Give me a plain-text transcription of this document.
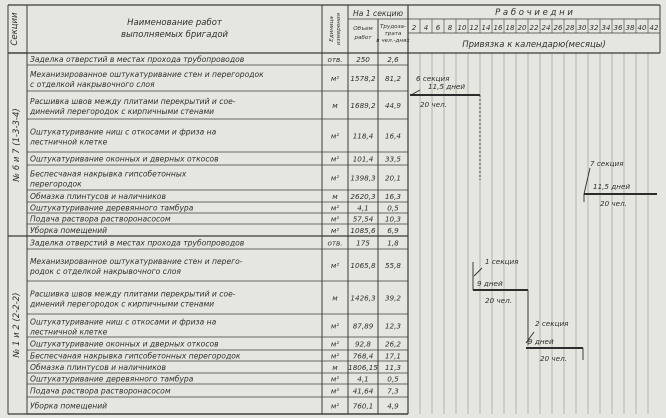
2 4 6 8 10 12 14 16 18 20 22 24 26 28 30 32 34 36 38 40 42
Секции	Наименование работ
выполняемых бригадой	Единица измерения На 1 секцию
Объем
работ
Трудоза-
трата
в чел.-днях
Р а б о ч и е д н и
Привязка к календарю(месяцы)
Заделка отверстий в местах прохода трубопроводов	отв. 250 2,6
Механизированное оштукатуривание стен и перегородок
с отделкой накрывочного слоя
м² 1578,2 81,2
Расшивка швов между плитами перекрытий и сое-
динений перегородок с кирпичными стенами
м 1689,2 44,9
Оштукатуривание ниш с откосами и фриза на
лестничной клетке
м² 118,4 16,4
Оштукатуривание оконных и дверных откосов	м² 101,4 33,5
Беспесчаная накрывка гипсобетонных
перегородок
м² 1398,3 20,1
Обмазка плинтусов и наличников	м 2620,3 16,3
Оштукатуривание деревянного тамбура	м²	4,1	0,5
Подача раствора растворонасосом	м³ 57,54 10,3
Уборка помещений	м² 1085,6 6,9
№ 6 и 7 (1-3-3-4)
Заделка отверстий в местах прохода трубопроводов	отв. 175 1,8
Механизированное оштукатуривание стен и перего-
родок с отделкой накрывочного слоя
м² 1065,8 55,8
Расшивка швов между плитами перекрытий и сое-
динений перегородок с кирпичными стенами
м 1426,3 39,2
Оштукатуривание ниш с откосами и фриза на
лестничной клетке
м² 87,89 12,3
Оштукатуривание оконных и дверных откосов	м² 92,8 26,2
Беспесчаная накрывка гипсобетонных перегородок	м² 768,4 17,1
Обмазка плинтусов и наличников	м 1806,15 11,3
Оштукатуривание деревянного тамбура	м²	4,1	0,5
Подача раствора растворонасосом	м³ 41,64 7,3
Уборка помещений	м² 760,1 4,9
№ 1 и 2 (2-2-2)
6 секция
11,5 дней
20 чел.
7 секция
11,5 дней
20 чел.
1 секция
9 дней
20 чел.
2 секция
9 дней
20 чел.
